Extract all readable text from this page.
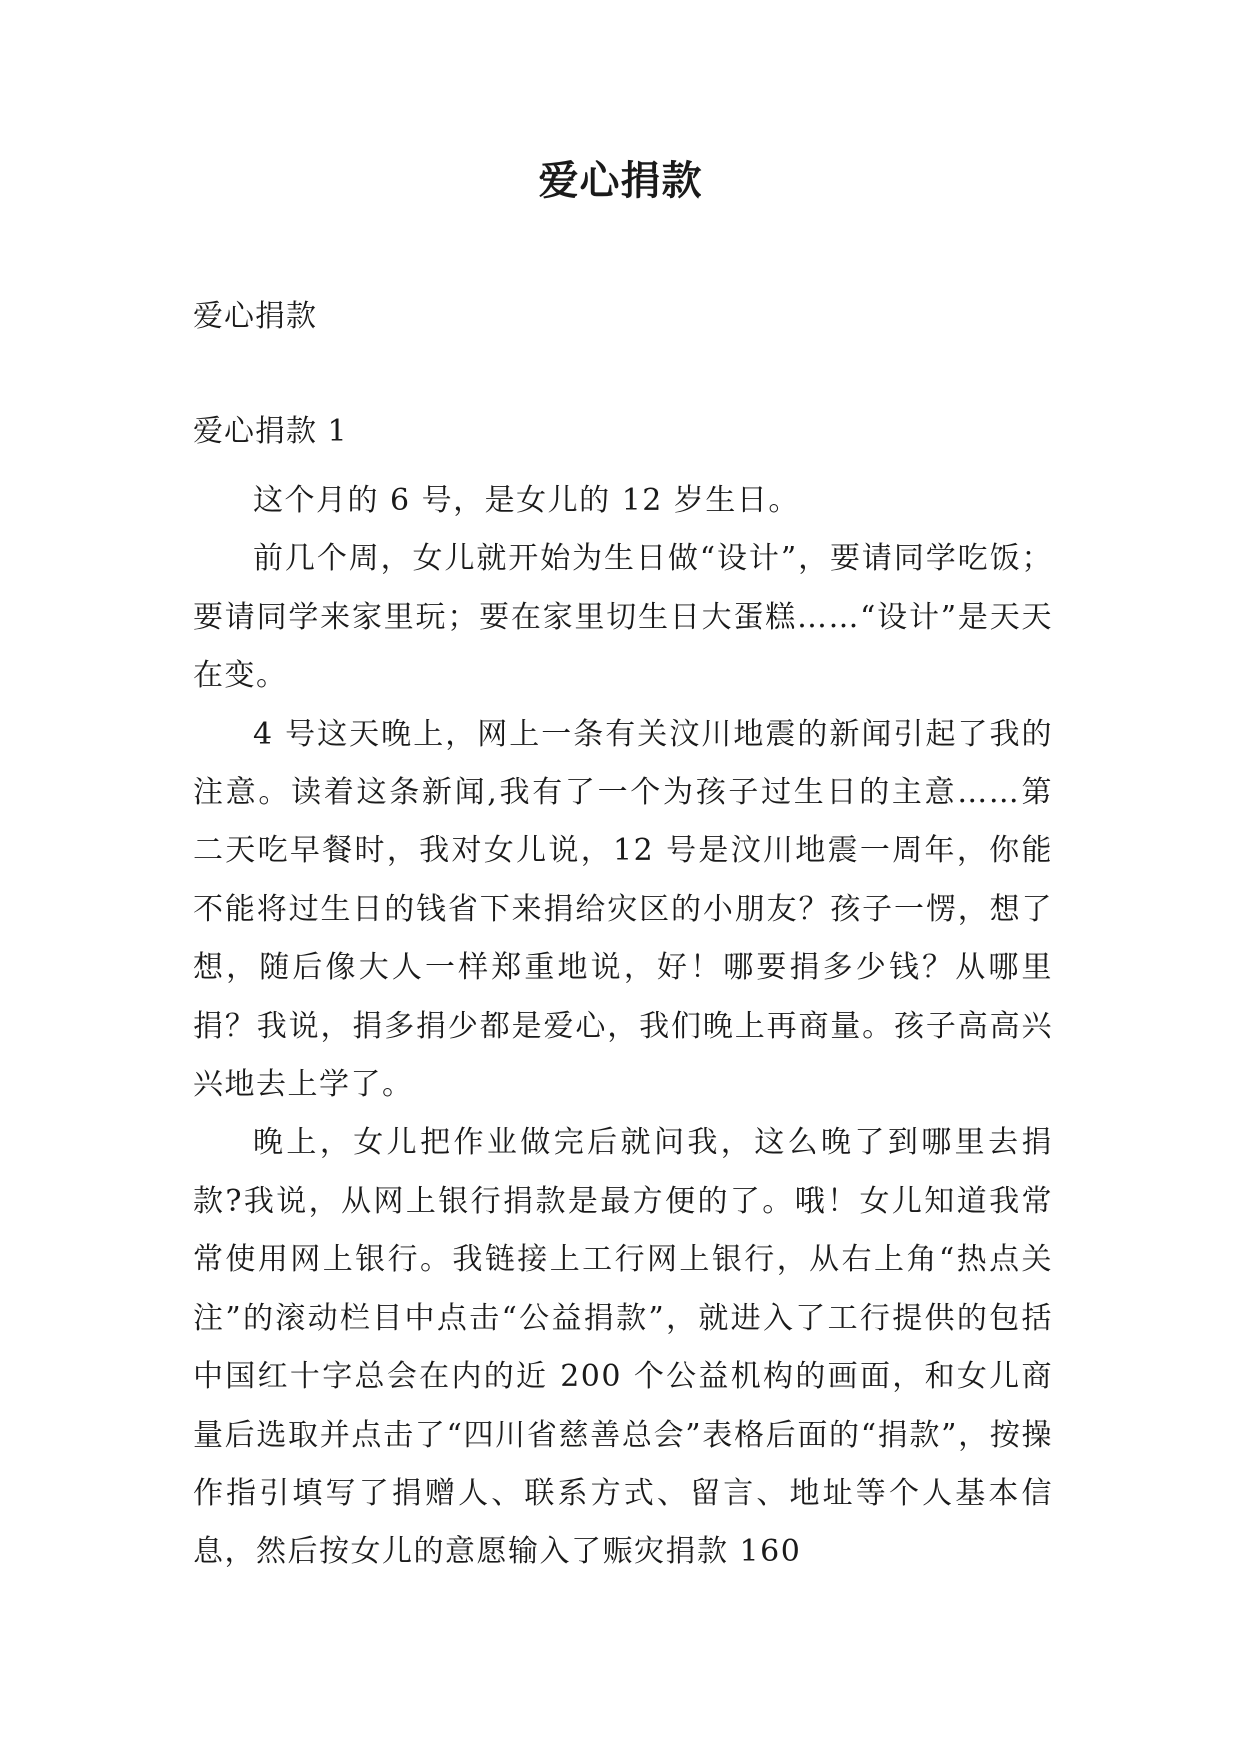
爱心捐款
爱心捐款
爱心捐款 1

这个月的 6 号，是女儿的 12 岁生日。

前几个周，女儿就开始为生日做“设计”，要请同学吃饭；要请同学来家里玩；要在家里切生日大蛋糕……“设计”是天天在变。

4 号这天晚上，网上一条有关汶川地震的新闻引起了我的注意。读着这条新闻,我有了一个为孩子过生日的主意……第二天吃早餐时，我对女儿说，12 号是汶川地震一周年，你能不能将过生日的钱省下来捐给灾区的小朋友？孩子一愣，想了想，随后像大人一样郑重地说，好！哪要捐多少钱？从哪里捐？我说，捐多捐少都是爱心，我们晚上再商量。孩子高高兴兴地去上学了。

晚上，女儿把作业做完后就问我，这么晚了到哪里去捐款?我说，从网上银行捐款是最方便的了。哦！女儿知道我常常使用网上银行。我链接上工行网上银行，从右上角“热点关注”的滚动栏目中点击“公益捐款”，就进入了工行提供的包括中国红十字总会在内的近 200 个公益机构的画面，和女儿商量后选取并点击了“四川省慈善总会”表格后面的“捐款”，按操作指引填写了捐赠人、联系方式、留言、地址等个人基本信息，然后按女儿的意愿输入了赈灾捐款 160
